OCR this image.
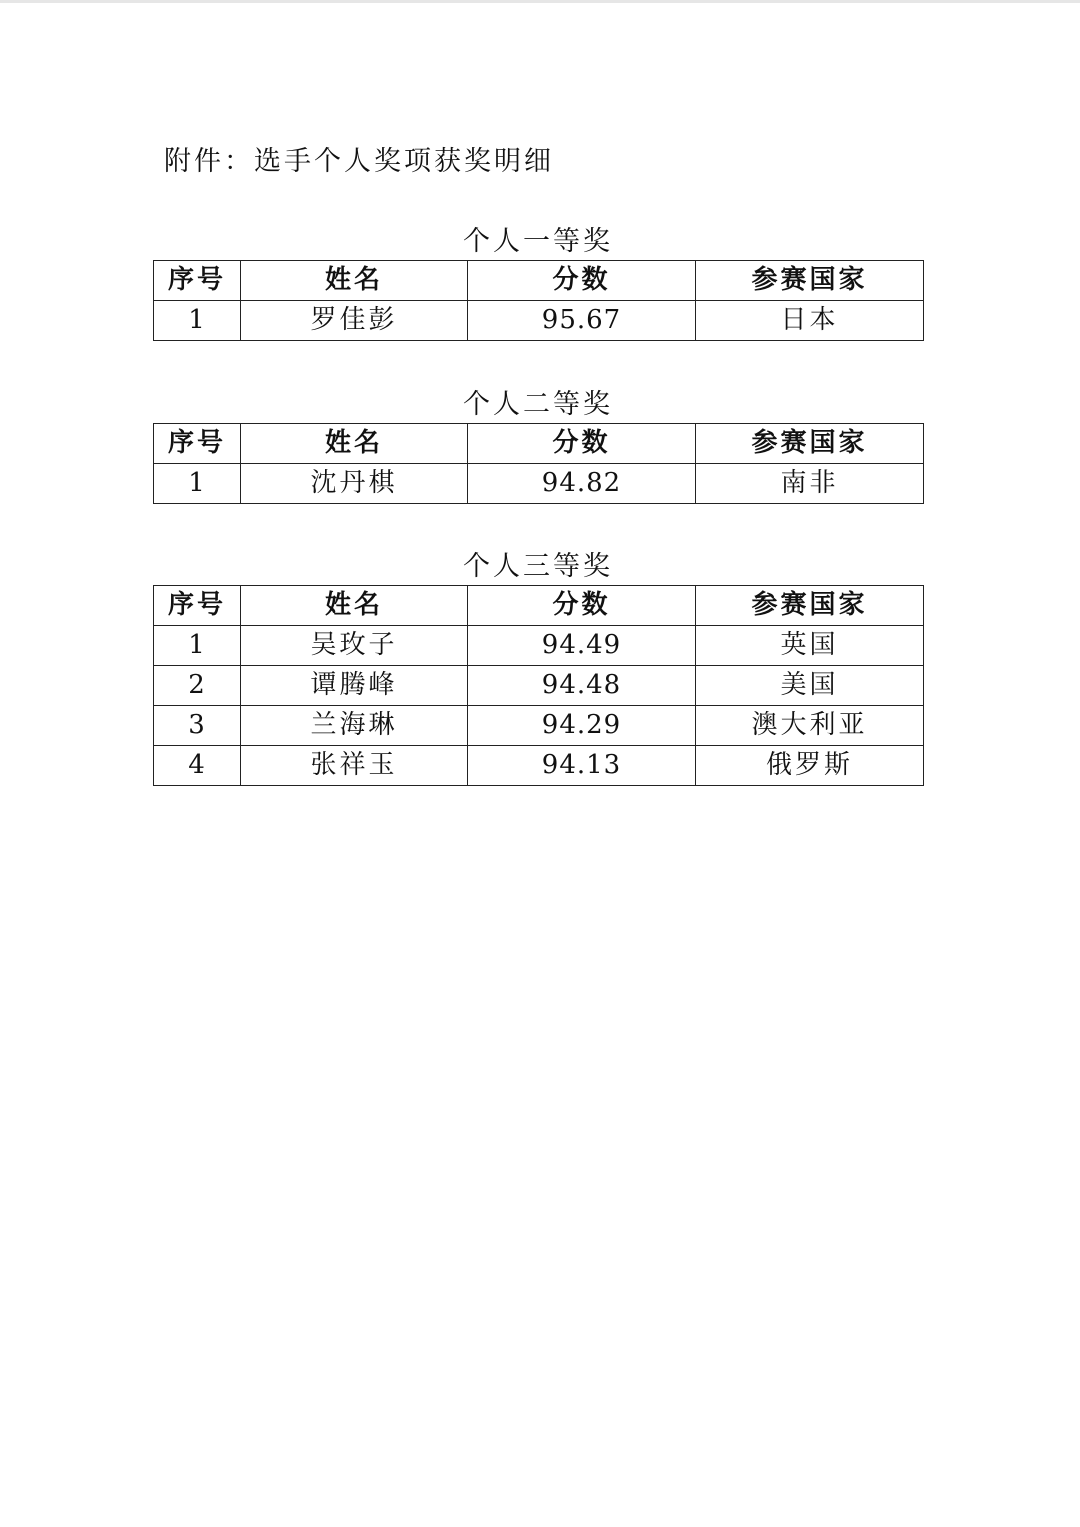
附件：选手个人奖项获奖明细
个人一等奖
序号	姓名	分数	参赛国家
1	罗佳彭	95.67	日本
个人二等奖
序号	姓名	分数	参赛国家
1	沈丹棋	94.82	南非
个人三等奖
序号	姓名	分数	参赛国家
1	吴玫子	94.49	英国
2	谭腾峰	94.48	美国
3	兰海琳	94.29	澳大利亚
4	张祥玉	94.13	俄罗斯
